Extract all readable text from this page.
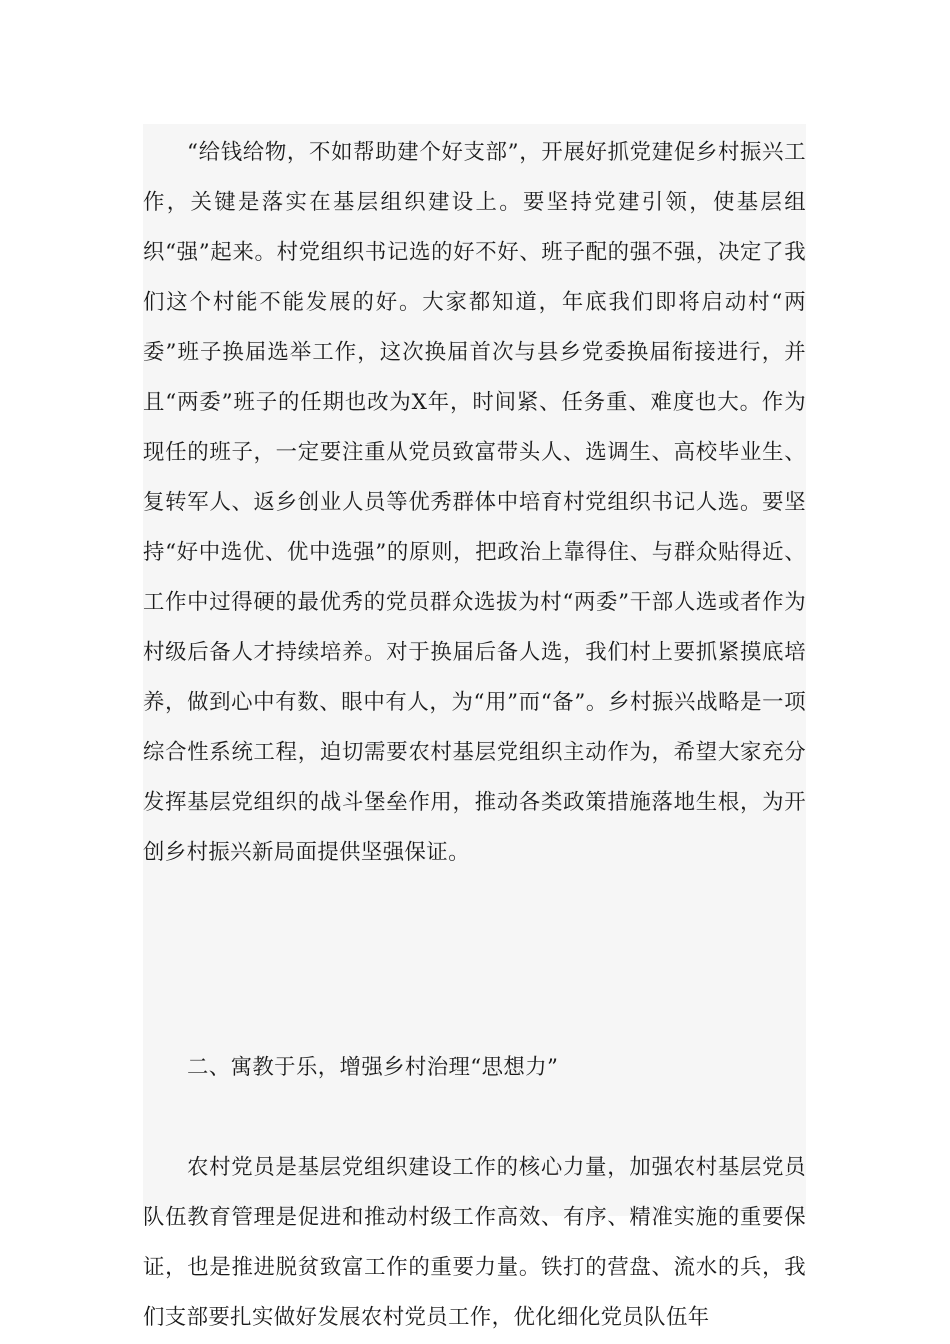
“给钱给物，不如帮助建个好支部”，开展好抓党建促乡村振兴工作，关键是落实在基层组织建设上。要坚持党建引领，使基层组织“强”起来。村党组织书记选的好不好、班子配的强不强，决定了我们这个村能不能发展的好。大家都知道，年底我们即将启动村“两委”班子换届选举工作，这次换届首次与县乡党委换届衔接进行，并且“两委”班子的任期也改为X年，时间紧、任务重、难度也大。作为现任的班子，一定要注重从党员致富带头人、选调生、高校毕业生、复转军人、返乡创业人员等优秀群体中培育村党组织书记人选。要坚持“好中选优、优中选强”的原则，把政治上靠得住、与群众贴得近、工作中过得硬的最优秀的党员群众选拔为村“两委”干部人选或者作为村级后备人才持续培养。对于换届后备人选，我们村上要抓紧摸底培养，做到心中有数、眼中有人，为“用”而“备”。乡村振兴战略是一项综合性系统工程，迫切需要农村基层党组织主动作为，希望大家充分发挥基层党组织的战斗堡垒作用，推动各类政策措施落地生根，为开创乡村振兴新局面提供坚强保证。

二、寓教于乐，增强乡村治理“思想力”

农村党员是基层党组织建设工作的核心力量，加强农村基层党员队伍教育管理是促进和推动村级工作高效、有序、精准实施的重要保证，也是推进脱贫致富工作的重要力量。铁打的营盘、流水的兵，我们支部要扎实做好发展农村党员工作，优化细化党员队伍年
